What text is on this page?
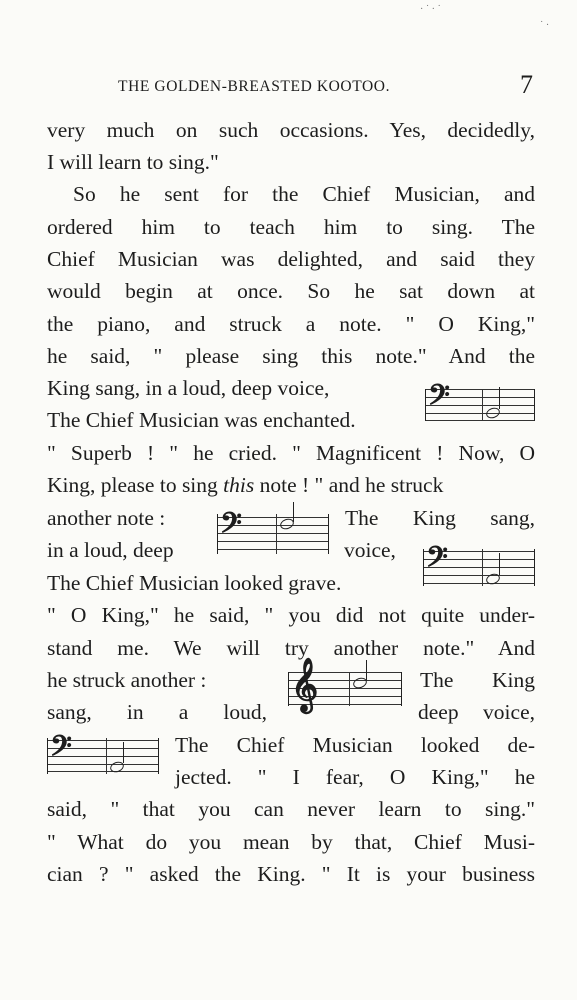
· ˙ · ˙
˙ ·
THE GOLDEN-BREASTED KOOTOO.	7
very much on such occasions. Yes, decidedly,
I will learn to sing."
So he sent for the Chief Musician, and
ordered him to teach him to sing. The
Chief Musician was delighted, and said they
would begin at once. So he sat down at
the piano, and struck a note. " O King,"
he said, " please sing this note." And the
King sang, in a loud, deep voice,
The Chief Musician was enchanted.
𝄢
" Superb ! " he cried. " Magnificent ! Now, O
King, please to sing this note ! " and he struck
another note : 𝄢	The King sang,
in a loud, deep	voice, 𝄢
The Chief Musician looked grave.
" O King," he said, " you did not quite under-
stand me. We will try another note." And
he struck another : 𝄞	The King
sang, in a loud,	deep voice,
𝄢	The Chief Musician looked de-
jected. " I fear, O King," he
said, " that you can never learn to sing."
" What do you mean by that, Chief Musi-
cian ? " asked the King. " It is your business
